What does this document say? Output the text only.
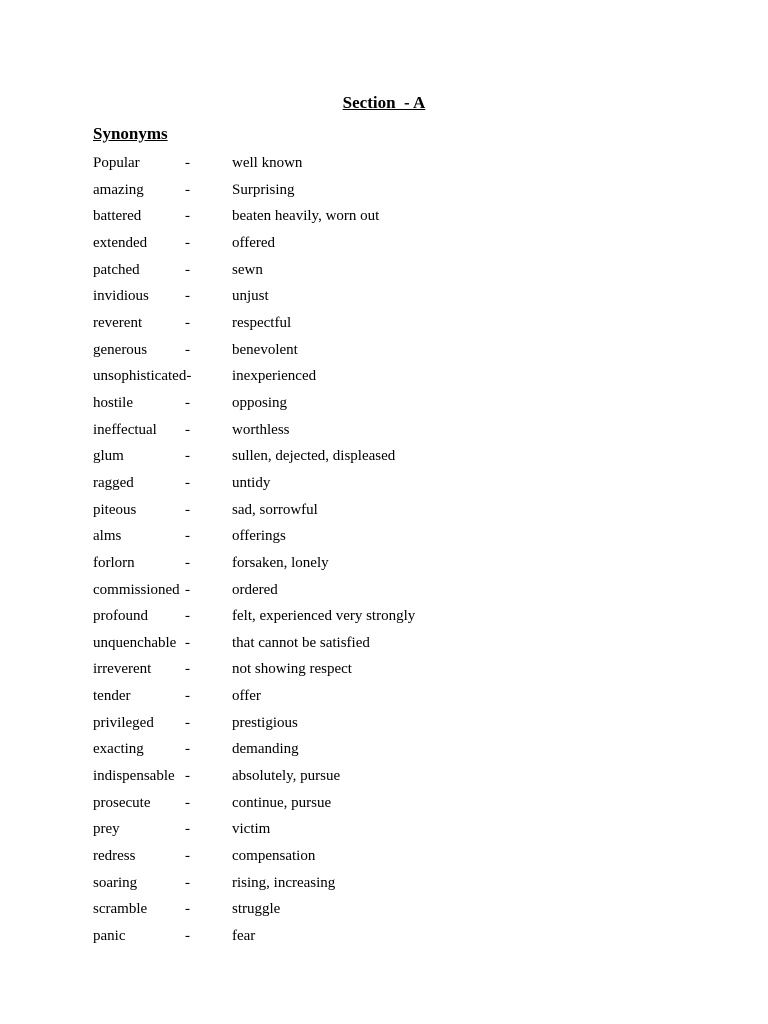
Section  - A
Synonyms
Popular	-	well known
amazing	-	Surprising
battered	-	beaten heavily, worn out
extended	-	offered
patched	-	sewn
invidious -	unjust
reverent	-	respectful
generous	-	benevolent
unsophisticated-	inexperienced
hostile	-	opposing
ineffectual -	worthless
glum	-	sullen, dejected, displeased
ragged	-	untidy
piteous	-	sad, sorrowful
alms	-	offerings
forlorn	-	forsaken, lonely
commissioned -	ordered
profound -	felt, experienced very strongly
unquenchable -	that cannot be satisfied
irreverent -	not showing respect
tender	-	offer
privileged -	prestigious
exacting	-	demanding
indispensable -	absolutely, pursue
prosecute -	continue, pursue
prey	-	victim
redress	-	compensation
soaring	-	rising, increasing
scramble	-	struggle
panic	-	fear
